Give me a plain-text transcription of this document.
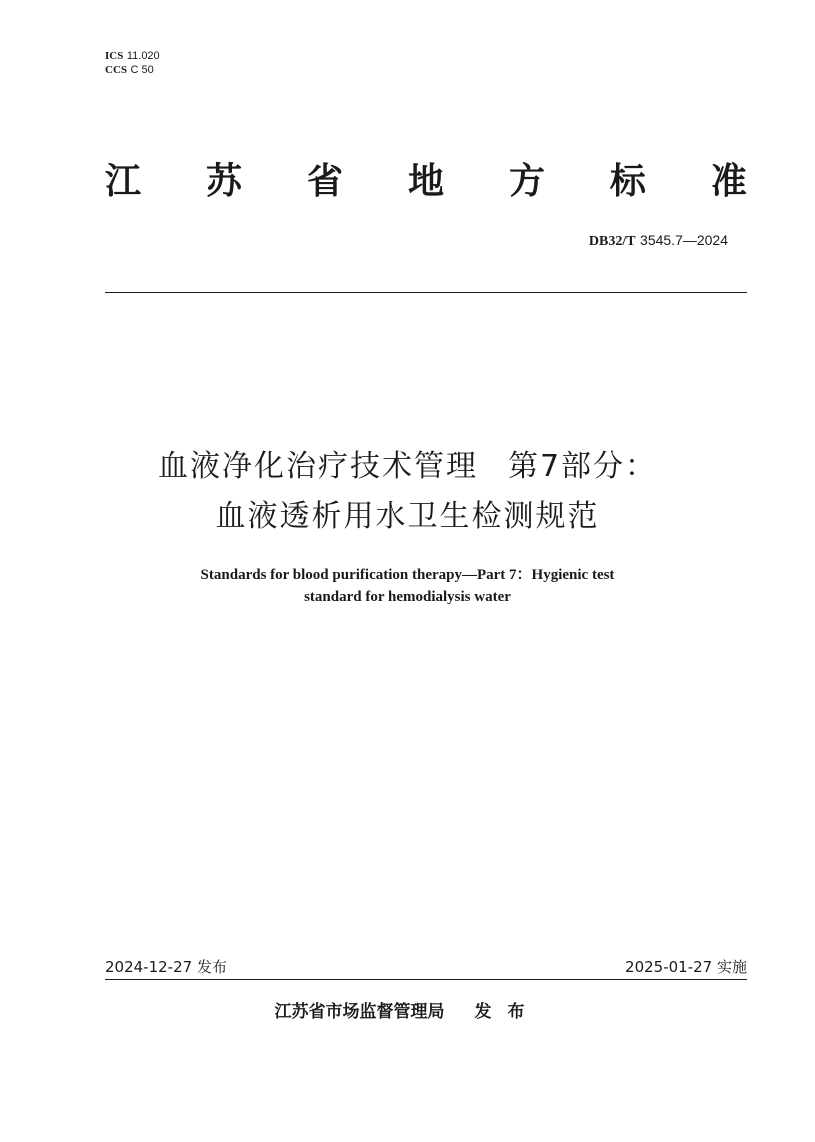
ICS 11.020
CCS C 50
江 苏 省 地 方 标 准
DB32/T 3545.7—2024
血液净化治疗技术管理 第7部分：
血液透析用水卫生检测规范
Standards for blood purification therapy—Part 7：Hygienic test
standard for hemodialysis water
2024-12-27 发布	2025-01-27 实施
江苏省市场监督管理局 发布
